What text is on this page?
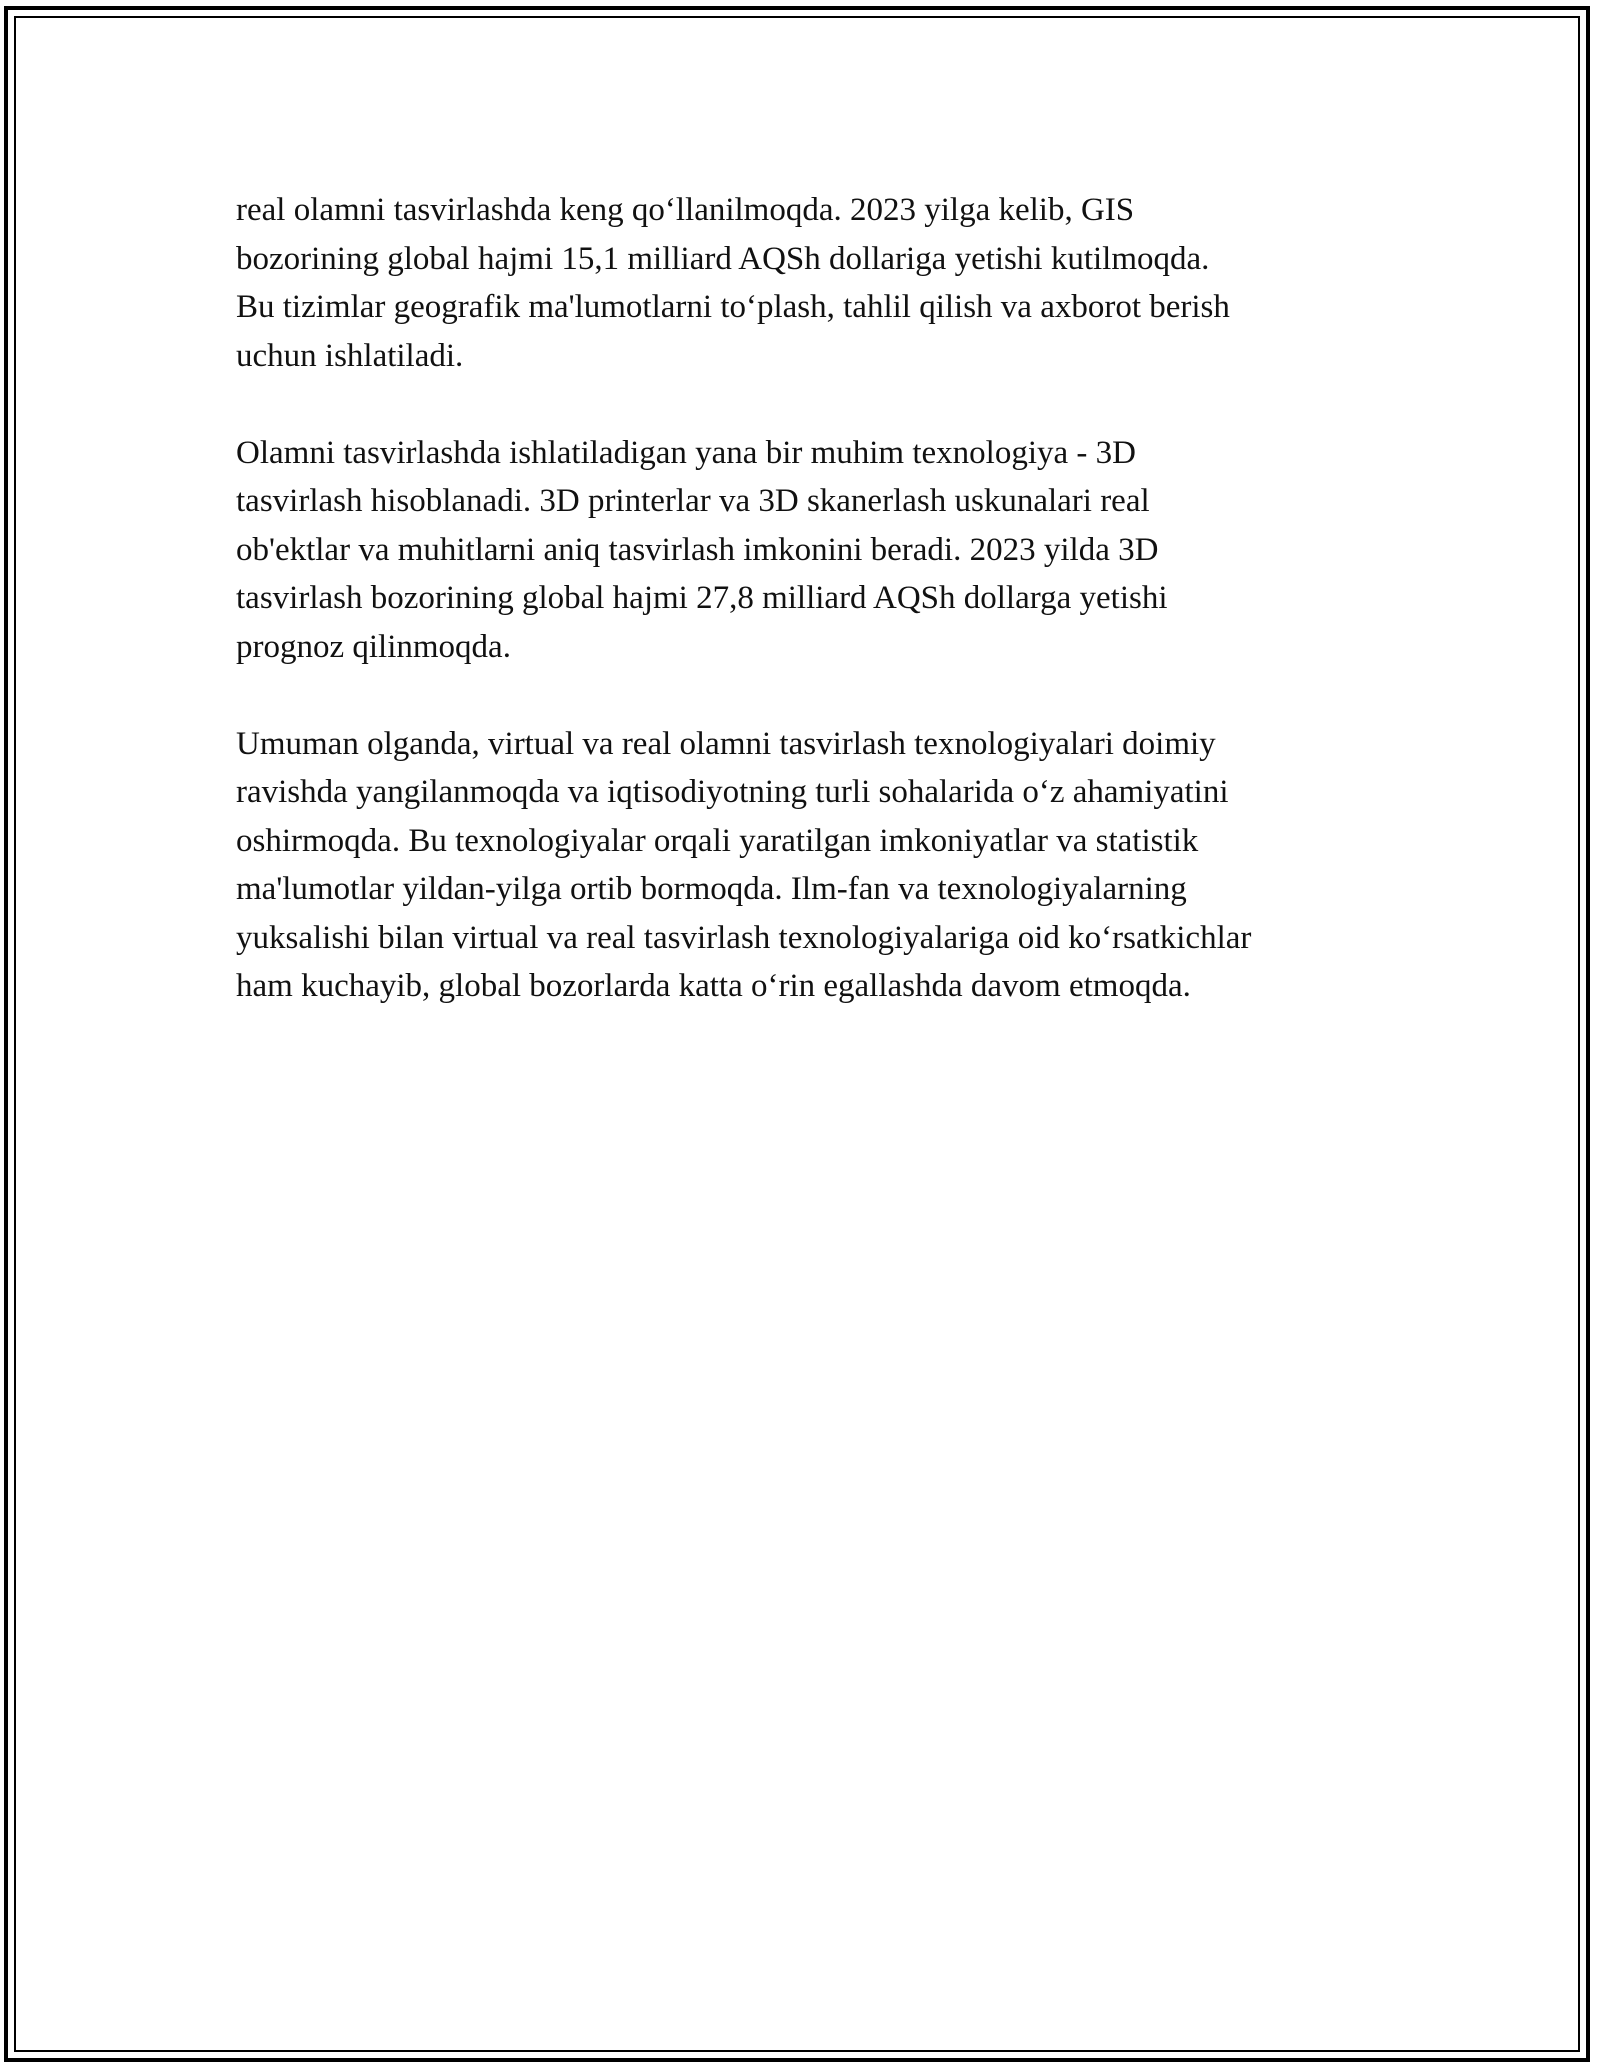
real olamni tasvirlashda keng qo‘llanilmoqda. 2023 yilga kelib, GIS
bozorining global hajmi 15,1 milliard AQSh dollariga yetishi kutilmoqda.
Bu tizimlar geografik ma'lumotlarni to‘plash, tahlil qilish va axborot berish
uchun ishlatiladi.

Olamni tasvirlashda ishlatiladigan yana bir muhim texnologiya - 3D
tasvirlash hisoblanadi. 3D printerlar va 3D skanerlash uskunalari real
ob'ektlar va muhitlarni aniq tasvirlash imkonini beradi. 2023 yilda 3D
tasvirlash bozorining global hajmi 27,8 milliard AQSh dollarga yetishi
prognoz qilinmoqda.

Umuman olganda, virtual va real olamni tasvirlash texnologiyalari doimiy
ravishda yangilanmoqda va iqtisodiyotning turli sohalarida o‘z ahamiyatini
oshirmoqda. Bu texnologiyalar orqali yaratilgan imkoniyatlar va statistik
ma'lumotlar yildan-yilga ortib bormoqda. Ilm-fan va texnologiyalarning
yuksalishi bilan virtual va real tasvirlash texnologiyalariga oid ko‘rsatkichlar
ham kuchayib, global bozorlarda katta o‘rin egallashda davom etmoqda.
